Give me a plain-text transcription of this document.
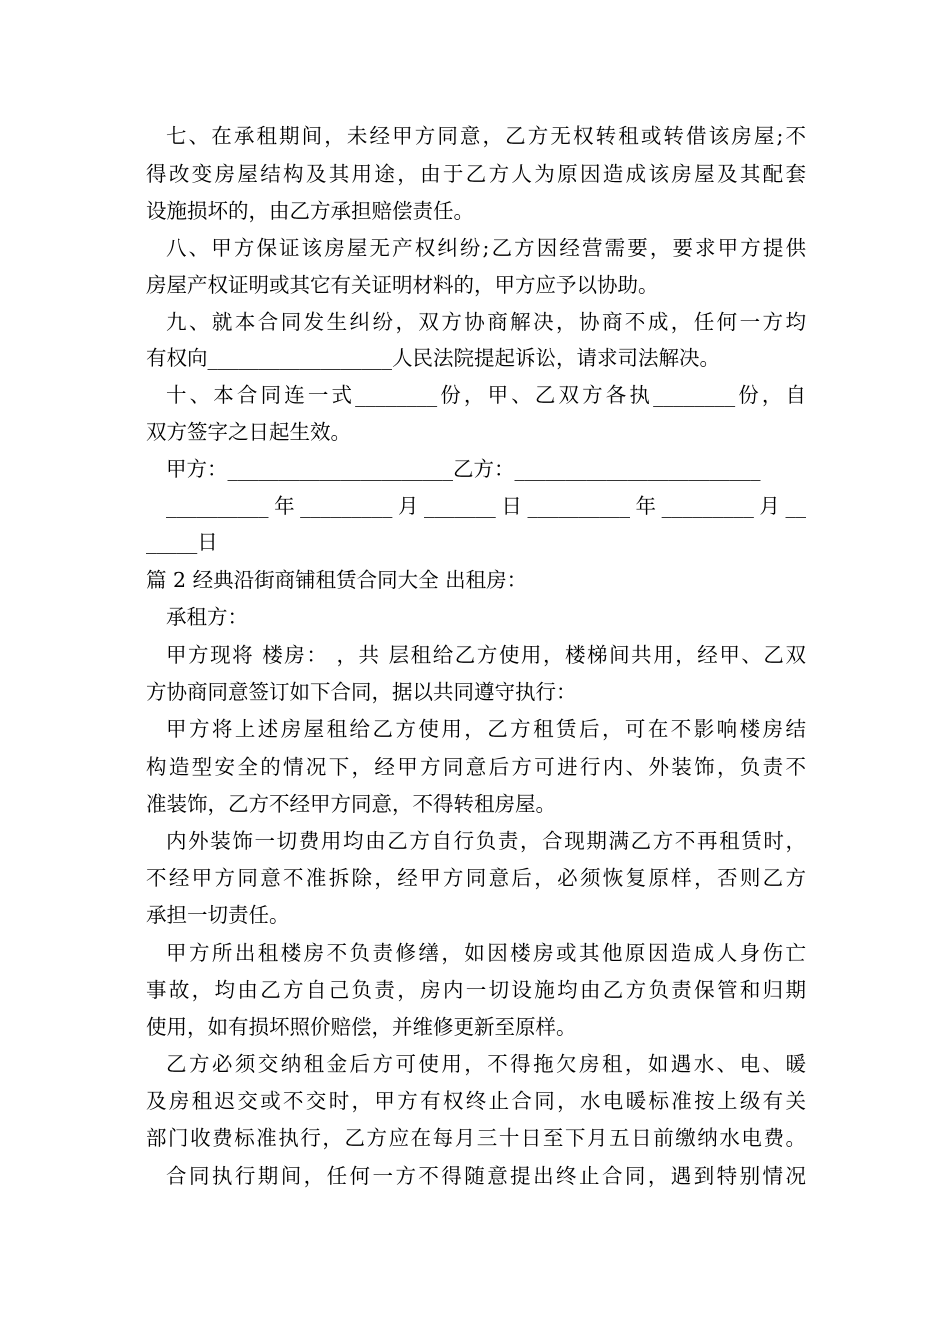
七、在承租期间，未经甲方同意，乙方无权转租或转借该房屋;不
得改变房屋结构及其用途，由于乙方人为原因造成该房屋及其配套
设施损坏的，由乙方承担赔偿责任。
八、甲方保证该房屋无产权纠纷;乙方因经营需要，要求甲方提供
房屋产权证明或其它有关证明材料的，甲方应予以协助。
九、就本合同发生纠纷，双方协商解决，协商不成，任何一方均
有权向__________________人民法院提起诉讼，请求司法解决。
十、本合同连一式________份，甲、乙双方各执________份，自
双方签字之日起生效。
甲方：______________________乙方：________________________
__________年_________月_______日__________年_________月__
_____日
篇 2 经典沿街商铺租赁合同大全 出租房：
承租方：
甲方现将 楼房： ，共 层租给乙方使用，楼梯间共用，经甲、乙双
方协商同意签订如下合同，据以共同遵守执行：
甲方将上述房屋租给乙方使用，乙方租赁后，可在不影响楼房结
构造型安全的情况下，经甲方同意后方可进行内、外装饰，负责不
准装饰，乙方不经甲方同意，不得转租房屋。
内外装饰一切费用均由乙方自行负责，合现期满乙方不再租赁时，
不经甲方同意不准拆除，经甲方同意后，必须恢复原样，否则乙方
承担一切责任。
甲方所出租楼房不负责修缮，如因楼房或其他原因造成人身伤亡
事故，均由乙方自己负责，房内一切设施均由乙方负责保管和归期
使用，如有损坏照价赔偿，并维修更新至原样。
乙方必须交纳租金后方可使用，不得拖欠房租，如遇水、电、暖
及房租迟交或不交时，甲方有权终止合同，水电暖标准按上级有关
部门收费标准执行，乙方应在每月三十日至下月五日前缴纳水电费。
合同执行期间，任何一方不得随意提出终止合同，遇到特别情况
